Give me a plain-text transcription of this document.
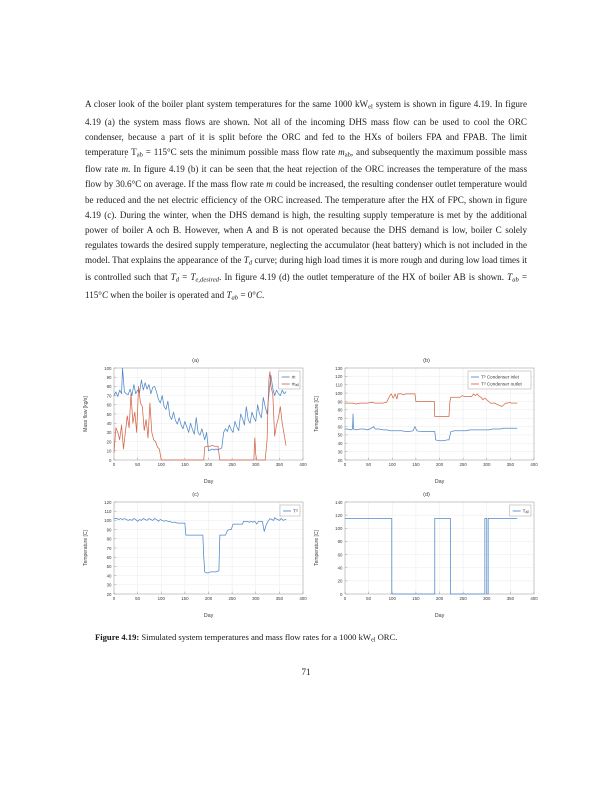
A closer look of the boiler plant system temperatures for the same 1000 $kW_{el}$ system is shown in figure 4.19. In figure 4.19 (a) the system mass flows are shown. Not all of the incoming DHS mass flow can be used to cool the ORC condenser, because a part of it is split before the ORC and fed to the HXs of boilers FPA and FPAB. The limit temperature $T_{ab} = 115^\circ C$ sets the minimum possible mass flow rate ˙ $m_{ab}$, and subsequently the maximum possible mass flow rate ˙ m. In figure 4.19 (b) it can be seen that the heat rejection of the ORC increases the temperature of the mass flow by 30.6°C on average. If the mass flow rate ˙ m could be increased, the resulting condenser outlet temperature would be reduced and the net electric efficiency of the ORC increased. The temperature after the HX of FPC, shown in figure 4.19 (c). During the winter, when the DHS demand is high, the resulting supply temperature is met by the additional power of boiler A och B. However, when A and B is not operated because the DHS demand is low, boiler C solely regulates towards the desired supply temperature, neglecting the accumulator (heat battery) which is not included in the model. That explains the appearance of the $T_d$ curve; during high load times it is more rough and during low load times it is controlled such that $T_d = T_{e,desired}$. In figure 4.19 (d) the outlet temperature of the HX of boiler AB is shown. $T_{ab} = 115^\circ C$ when the boiler is operated and $T_{ab} = 0^\circ C$.

(a)
0
10
20
30
40
50
60
70
80
90
100
0	50	100	150	200	250	300	350	400
Day
Mass flow [kg/s]
ṁ
ṁₐᵦ
(b)
20
30
40
50
60
70
80
90
100
110
120
130
0	50	100	150	200	250	300	350	400
Day
Temperature [C]
Tᵇ Condenser inlet
Tᵈ Condenser outlet
(c)
20
30
40
50
60
70
80
90
100
110
120
0	50	100	150	200	250	300	350	400
Day
Temperature [C]
Tᵈ
(d)
0
20
40
60
80
100
120
140
0	50	100	150	200	250	300	350	400
Day
Temperature [C]
Tₐᵦ
Figure 4.19: Simulated system temperatures and mass flow rates for a 1000 $kW_{el}$ ORC.
71
